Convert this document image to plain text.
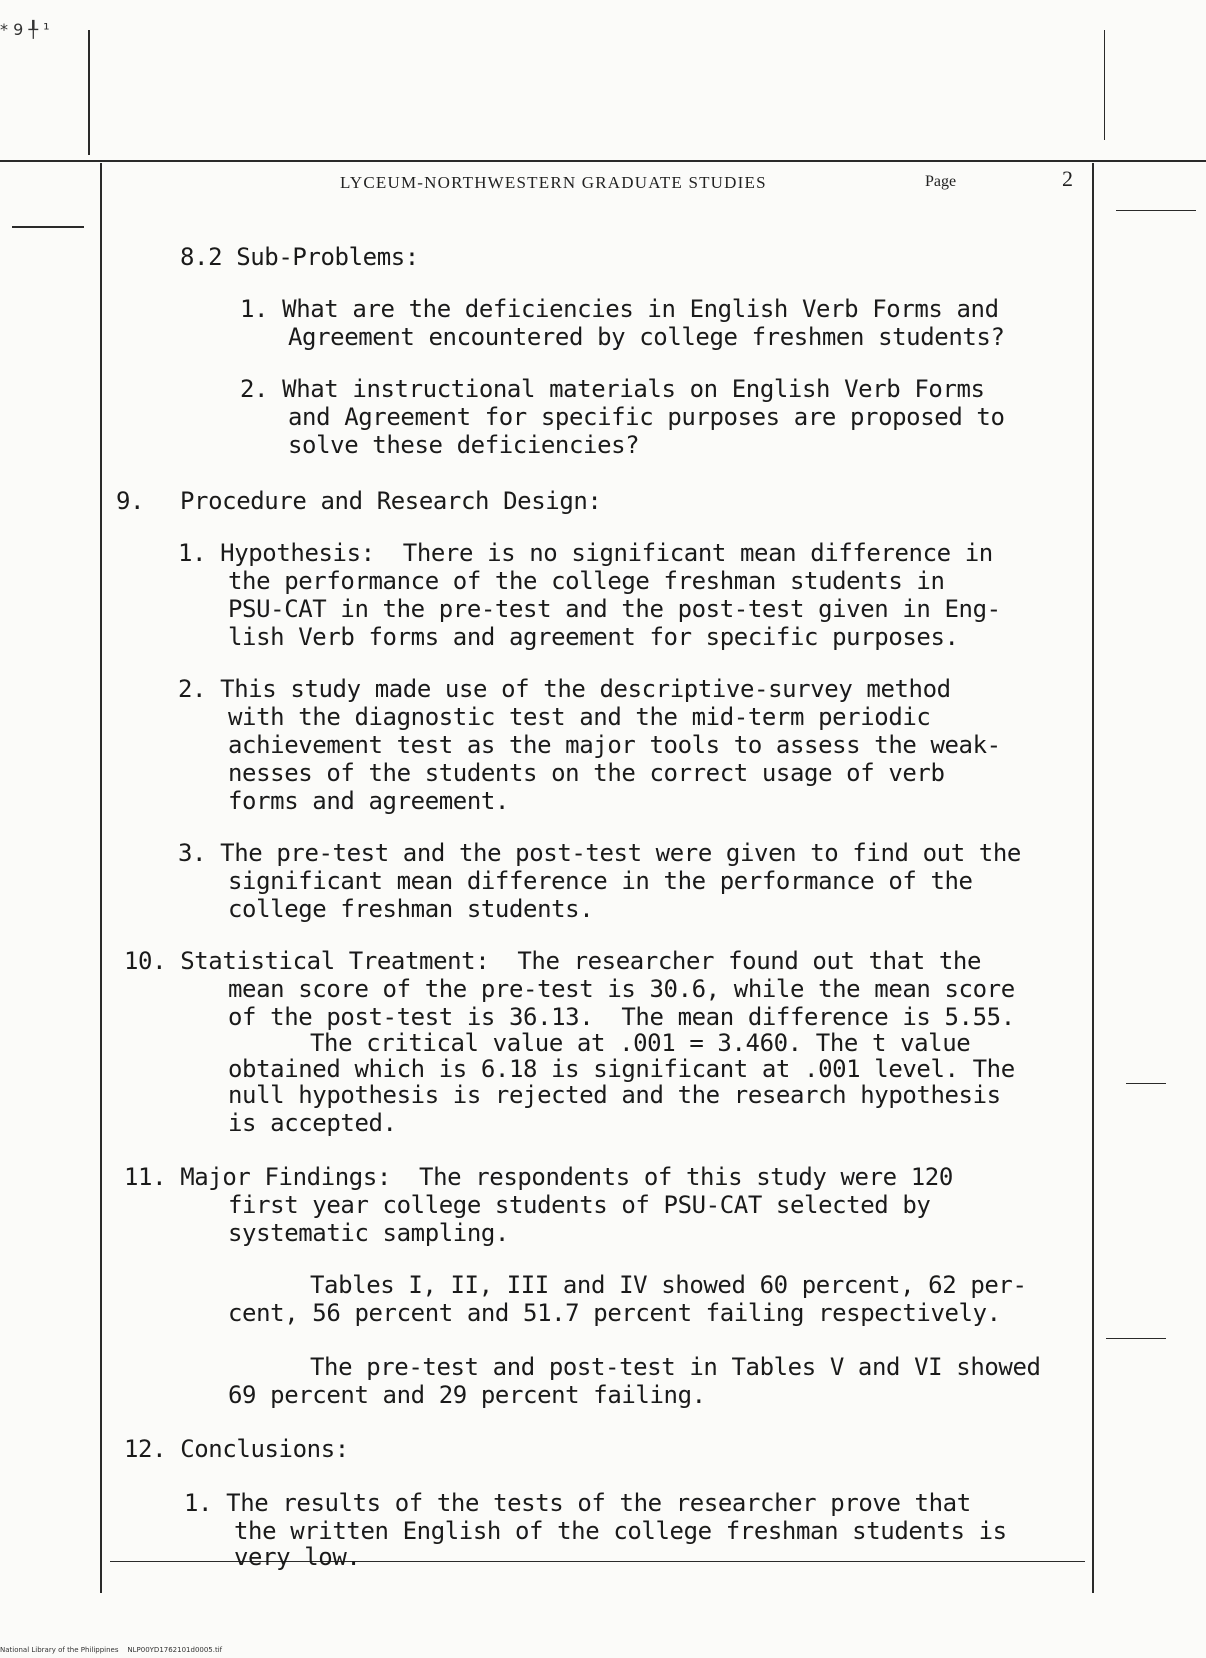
* 9 ╀ ¹
LYCEUM-NORTHWESTERN GRADUATE STUDIES	Page	2
8.2 Sub-Problems:
1. What are the deficiencies in English Verb Forms and
Agreement encountered by college freshmen students?
2. What instructional materials on English Verb Forms
and Agreement for specific purposes are proposed to
solve these deficiencies?
9. Procedure and Research Design:
1. Hypothesis:  There is no significant mean difference in
the performance of the college freshman students in
PSU-CAT in the pre-test and the post-test given in Eng-
lish Verb forms and agreement for specific purposes.
2. This study made use of the descriptive-survey method
with the diagnostic test and the mid-term periodic
achievement test as the major tools to assess the weak-
nesses of the students on the correct usage of verb
forms and agreement.
3. The pre-test and the post-test were given to find out the
significant mean difference in the performance of the
college freshman students.
10. Statistical Treatment:  The researcher found out that the
mean score of the pre-test is 30.6, while the mean score
of the post-test is 36.13.  The mean difference is 5.55.
The critical value at .001 = 3.460. The t value
obtained which is 6.18 is significant at .001 level. The
null hypothesis is rejected and the research hypothesis
is accepted.
11. Major Findings:  The respondents of this study were 120
first year college students of PSU-CAT selected by
systematic sampling.
Tables I, II, III and IV showed 60 percent, 62 per-
cent, 56 percent and 51.7 percent failing respectively.
The pre-test and post-test in Tables V and VI showed
69 percent and 29 percent failing.
12. Conclusions:
1. The results of the tests of the researcher prove that
the written English of the college freshman students is
very low.
National Library of the Philippines    NLP00YD1762101d0005.tif
